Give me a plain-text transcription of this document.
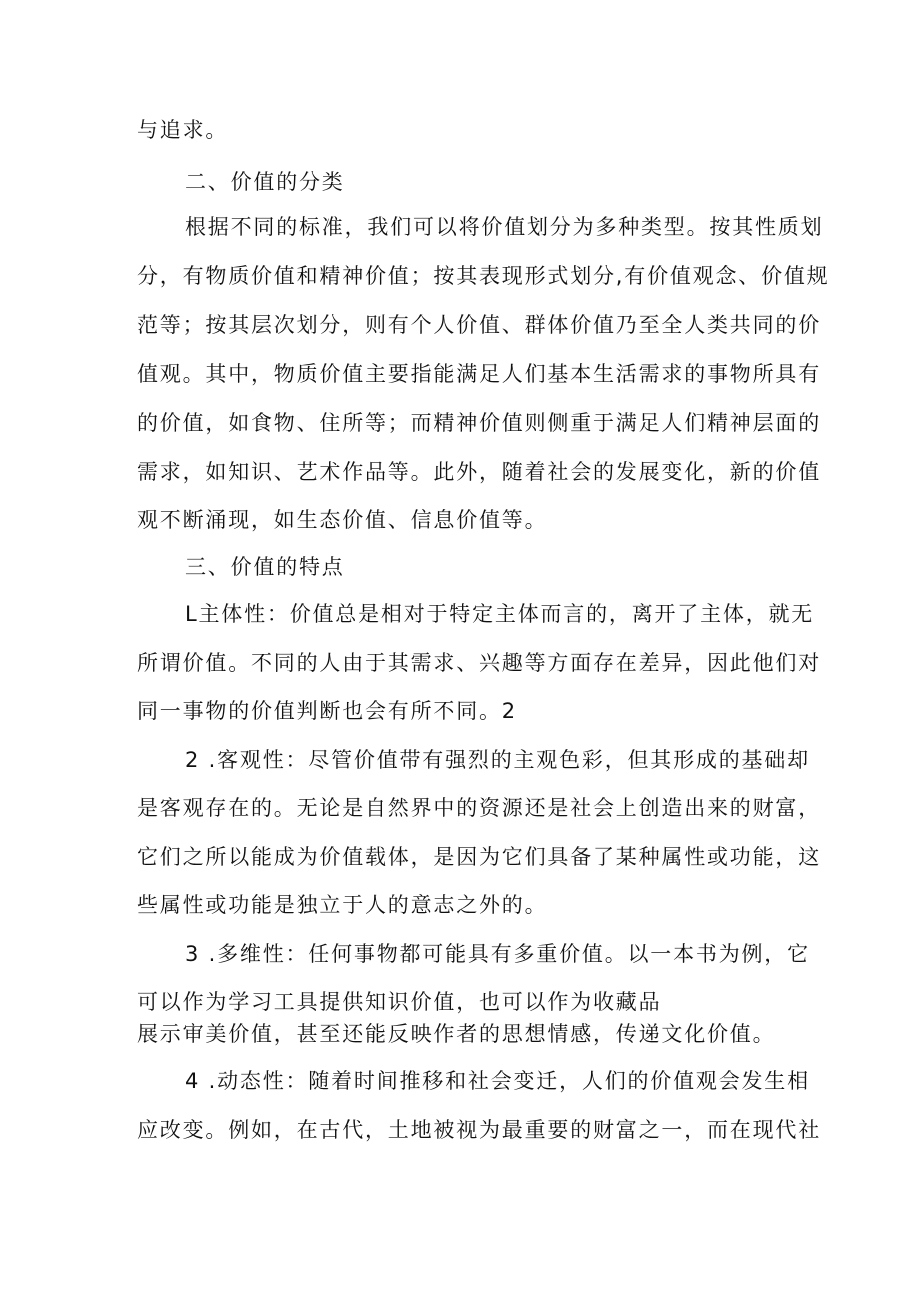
与追求。
二、价值的分类
根据不同的标准，我们可以将价值划分为多种类型。按其性质划
分，有物质价值和精神价值；按其表现形式划分,有价值观念、价值规
范等；按其层次划分，则有个人价值、群体价值乃至全人类共同的价
值观。其中，物质价值主要指能满足人们基本生活需求的事物所具有
的价值，如食物、住所等；而精神价值则侧重于满足人们精神层面的
需求，如知识、艺术作品等。此外，随着社会的发展变化，新的价值
观不断涌现，如生态价值、信息价值等。
三、价值的特点
L主体性：价值总是相对于特定主体而言的，离开了主体，就无
所谓价值。不同的人由于其需求、兴趣等方面存在差异，因此他们对
同一事物的价值判断也会有所不同。2
2 .客观性：尽管价值带有强烈的主观色彩，但其形成的基础却
是客观存在的。无论是自然界中的资源还是社会上创造出来的财富，
它们之所以能成为价值载体，是因为它们具备了某种属性或功能，这
些属性或功能是独立于人的意志之外的。
3 .多维性：任何事物都可能具有多重价值。以一本书为例，它
可以作为学习工具提供知识价值，也可以作为收藏品
展示审美价值，甚至还能反映作者的思想情感，传递文化价值。
4 .动态性：随着时间推移和社会变迁，人们的价值观会发生相
应改变。例如，在古代，土地被视为最重要的财富之一，而在现代社
